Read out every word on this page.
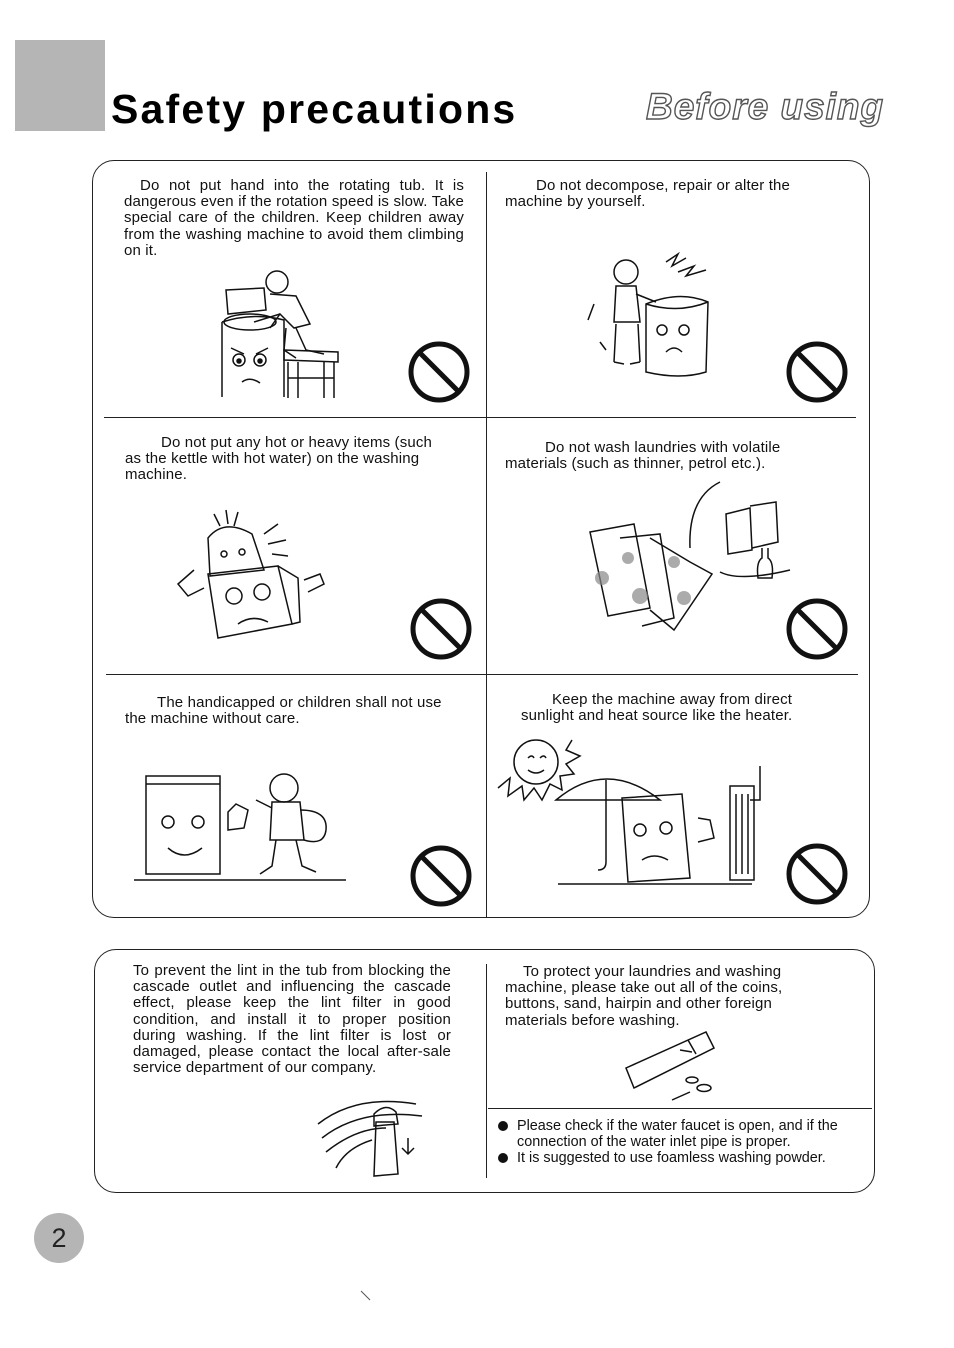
Safety precautions	Before using
Do not put hand into the rotating tub. It is dangerous even if the rotation speed is slow. Take special care of the children. Keep children away from the washing machine to avoid them climbing on it.
Do not decompose, repair or alter the machine by yourself.
Do not put any hot or heavy items (such as the kettle with hot water) on the washing machine.
Do not wash laundries with volatile materials (such as thinner, petrol etc.).
The handicapped or children shall not use the machine without care.
Keep the machine away from direct sunlight and heat source like the heater.
To prevent the lint in the tub from blocking the cascade outlet and influencing the cascade effect, please keep the lint filter in good condition, and install it to proper position during washing. If the lint filter is lost or damaged, please contact the local after-sale service department of our company.
To protect your laundries and washing machine, please take out all of the coins, buttons, sand, hairpin and other foreign materials before washing.
Please check if the water faucet is open, and if the connection of the water inlet pipe is proper.
It is suggested to use foamless washing powder.
2
